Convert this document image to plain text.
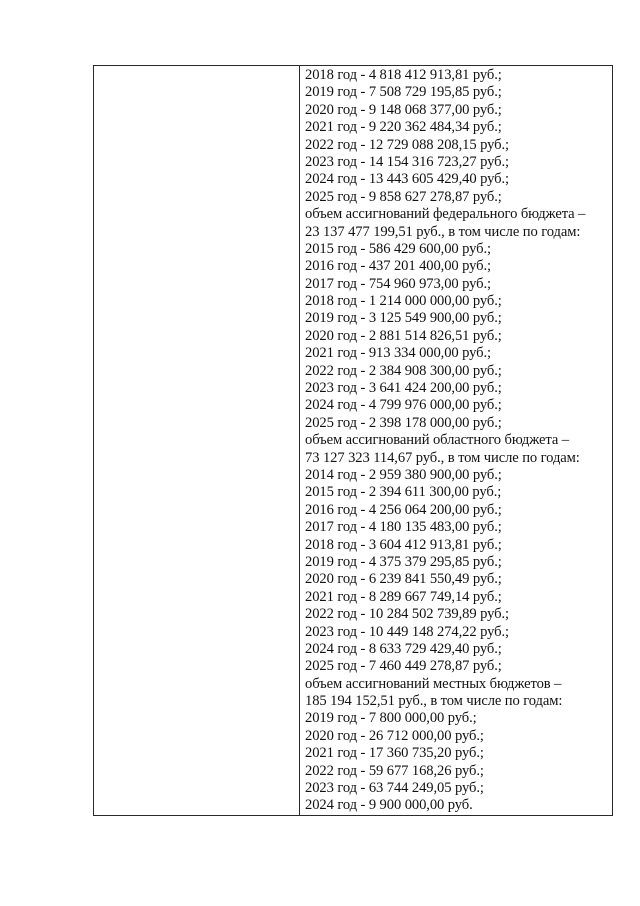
2018 год - 4 818 412 913,81 руб.;
2019 год - 7 508 729 195,85 руб.;
2020 год - 9 148 068 377,00 руб.;
2021 год - 9 220 362 484,34 руб.;
2022 год - 12 729 088 208,15 руб.;
2023 год - 14 154 316 723,27 руб.;
2024 год - 13 443 605 429,40 руб.;
2025 год - 9 858 627 278,87 руб.;
объем ассигнований федерального бюджета –
23 137 477 199,51 руб., в том числе по годам:
2015 год - 586 429 600,00 руб.;
2016 год - 437 201 400,00 руб.;
2017 год - 754 960 973,00 руб.;
2018 год - 1 214 000 000,00 руб.;
2019 год - 3 125 549 900,00 руб.;
2020 год - 2 881 514 826,51 руб.;
2021 год - 913 334 000,00 руб.;
2022 год - 2 384 908 300,00 руб.;
2023 год - 3 641 424 200,00 руб.;
2024 год - 4 799 976 000,00 руб.;
2025 год - 2 398 178 000,00 руб.;
объем ассигнований областного бюджета –
73 127 323 114,67 руб., в том числе по годам:
2014 год - 2 959 380 900,00 руб.;
2015 год - 2 394 611 300,00 руб.;
2016 год - 4 256 064 200,00 руб.;
2017 год - 4 180 135 483,00 руб.;
2018 год - 3 604 412 913,81 руб.;
2019 год - 4 375 379 295,85 руб.;
2020 год - 6 239 841 550,49 руб.;
2021 год - 8 289 667 749,14 руб.;
2022 год - 10 284 502 739,89 руб.;
2023 год - 10 449 148 274,22 руб.;
2024 год - 8 633 729 429,40 руб.;
2025 год - 7 460 449 278,87 руб.;
объем ассигнований местных бюджетов –
185 194 152,51 руб., в том числе по годам:
2019 год - 7 800 000,00 руб.;
2020 год - 26 712 000,00 руб.;
2021 год - 17 360 735,20 руб.;
2022 год - 59 677 168,26 руб.;
2023 год - 63 744 249,05 руб.;
2024 год - 9 900 000,00 руб.
